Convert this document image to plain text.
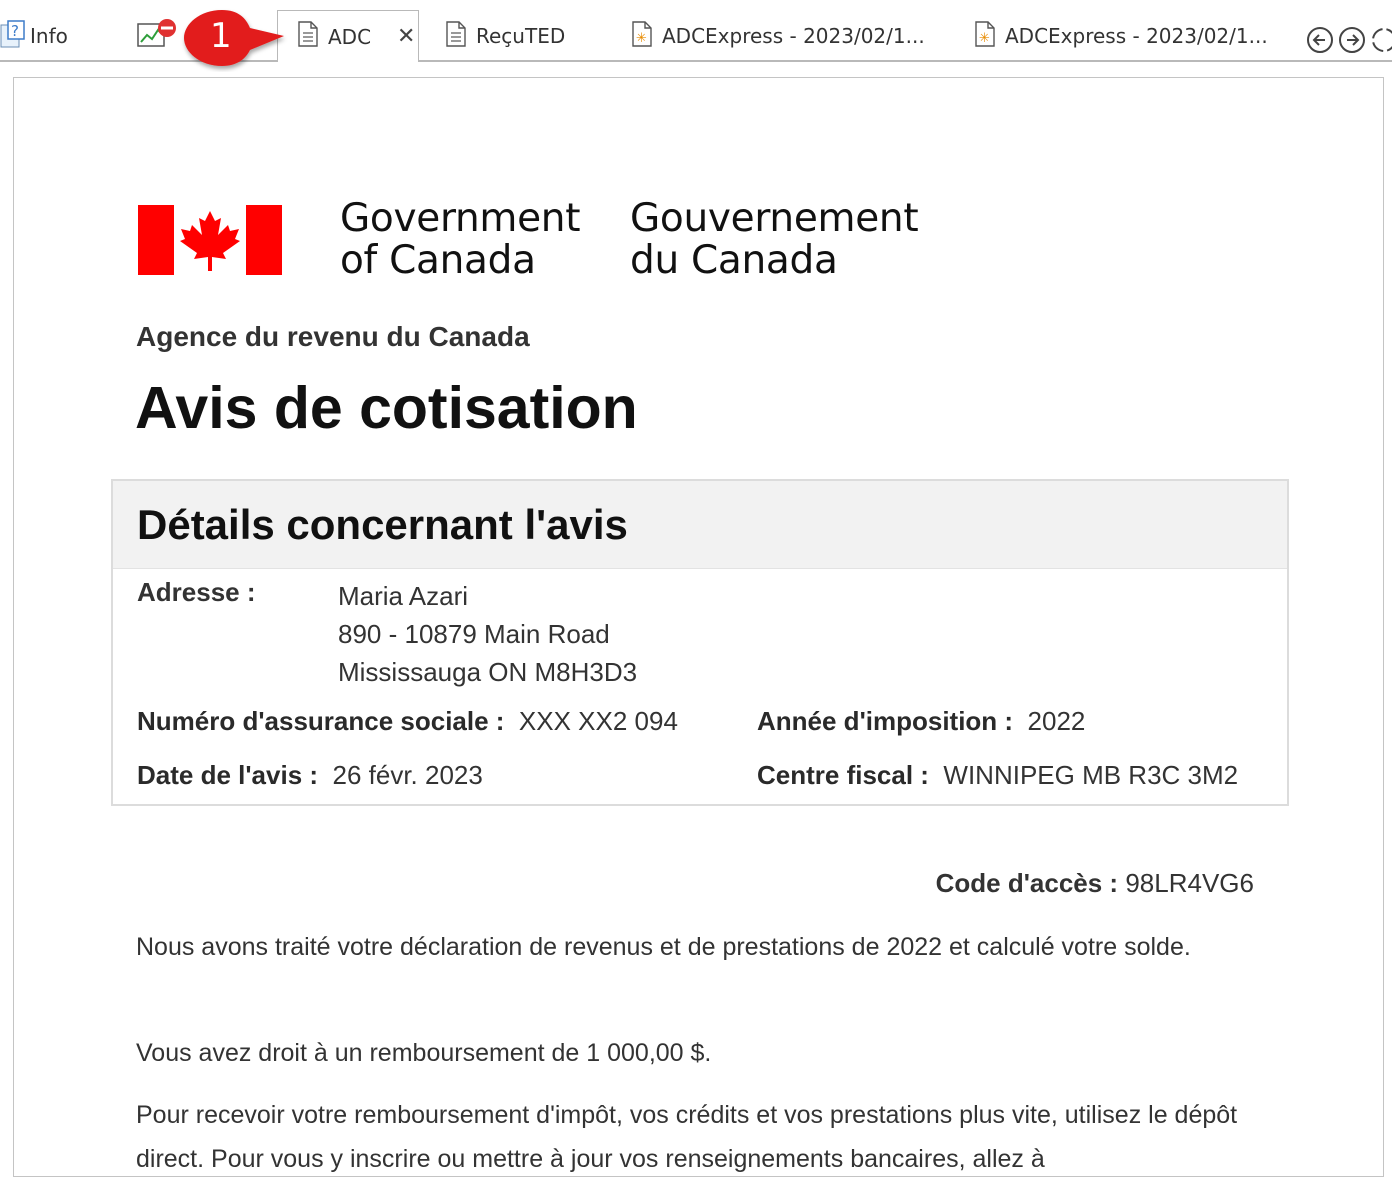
? Info	ADC ✕	ReçuTED	✳ ADCExpress - 2023/02/1...	✳ ADCExpress - 2023/02/1...
1
Government
of Canada
Gouvernement
du Canada
Agence du revenu du Canada
Avis de cotisation
Détails concernant l'avis
Adresse :	Maria Azari
890 - 10879 Main Road
Mississauga ON M8H3D3
Numéro d'assurance sociale : XXX XX2 094	Année d'imposition : 2022
Date de l'avis : 26 févr. 2023	Centre fiscal : WINNIPEG MB R3C 3M2
Code d'accès : 98LR4VG6
Nous avons traité votre déclaration de revenus et de prestations de 2022 et calculé votre solde.
Vous avez droit à un remboursement de 1 000,00 $.
Pour recevoir votre remboursement d'impôt, vos crédits et vos prestations plus vite, utilisez le dépôt direct. Pour vous y inscrire ou mettre à jour vos renseignements bancaires, allez à
